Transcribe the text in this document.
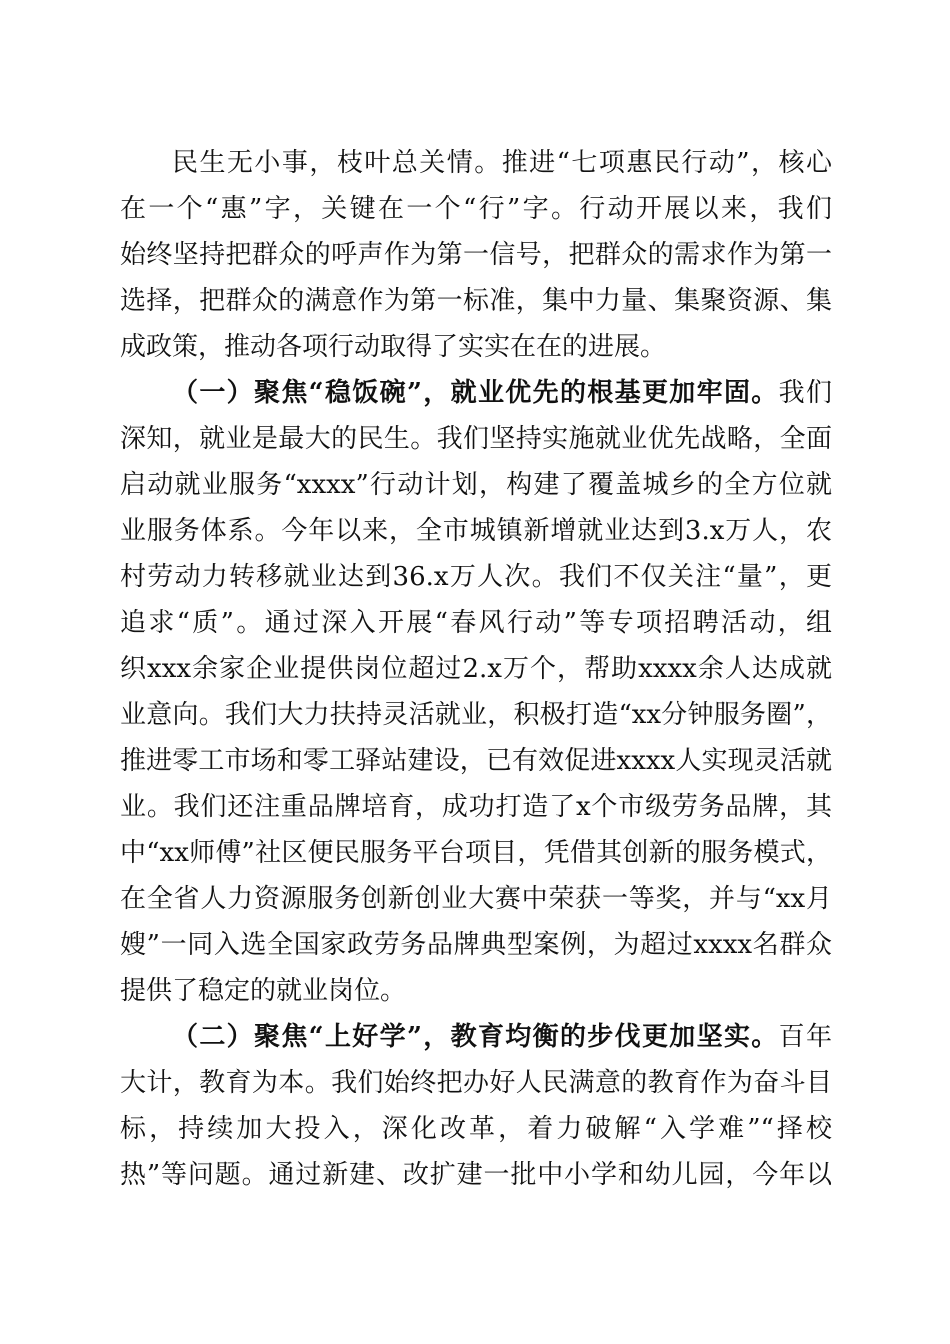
民生无小事，枝叶总关情。推进“七项惠民行动”，核心
在一个“惠”字，关键在一个“行”字。行动开展以来，我们
始终坚持把群众的呼声作为第一信号，把群众的需求作为第一
选择，把群众的满意作为第一标准，集中力量、集聚资源、集
成政策，推动各项行动取得了实实在在的进展。
（一）聚焦“稳饭碗”，就业优先的根基更加牢固。我们
深知，就业是最大的民生。我们坚持实施就业优先战略，全面
启动就业服务“xxxx”行动计划，构建了覆盖城乡的全方位就
业服务体系。今年以来，全市城镇新增就业达到3.x万人，农
村劳动力转移就业达到36.x万人次。我们不仅关注“量”，更
追求“质”。通过深入开展“春风行动”等专项招聘活动，组
织xxx余家企业提供岗位超过2.x万个，帮助xxxx余人达成就
业意向。我们大力扶持灵活就业，积极打造“xx分钟服务圈”，
推进零工市场和零工驿站建设，已有效促进xxxx人实现灵活就
业。我们还注重品牌培育，成功打造了x个市级劳务品牌，其
中“xx师傅”社区便民服务平台项目，凭借其创新的服务模式，
在全省人力资源服务创新创业大赛中荣获一等奖，并与“xx月
嫂”一同入选全国家政劳务品牌典型案例，为超过xxxx名群众
提供了稳定的就业岗位。
（二）聚焦“上好学”，教育均衡的步伐更加坚实。百年
大计，教育为本。我们始终把办好人民满意的教育作为奋斗目
标，持续加大投入，深化改革，着力破解“入学难”“择校
热”等问题。通过新建、改扩建一批中小学和幼儿园，今年以
